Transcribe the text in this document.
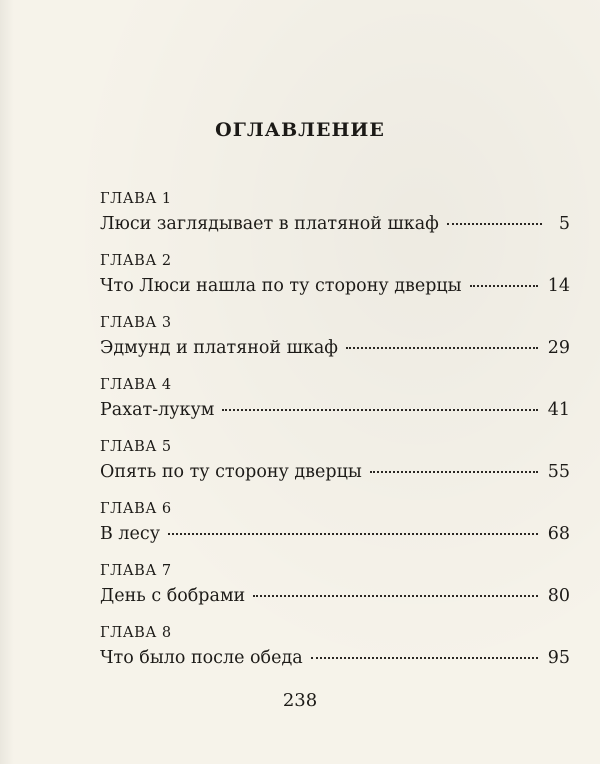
оглавление
ГЛАВА 1
Люси заглядывает в платяной шкаф	5
ГЛАВА 2
Что Люси нашла по ту сторону дверцы	14
ГЛАВА 3
Эдмунд и платяной шкаф	29
ГЛАВА 4
Рахат-лукум	41
ГЛАВА 5
Опять по ту сторону дверцы	55
ГЛАВА 6
В лесу	68
ГЛАВА 7
День с бобрами	80
ГЛАВА 8
Что было после обеда	95
238
